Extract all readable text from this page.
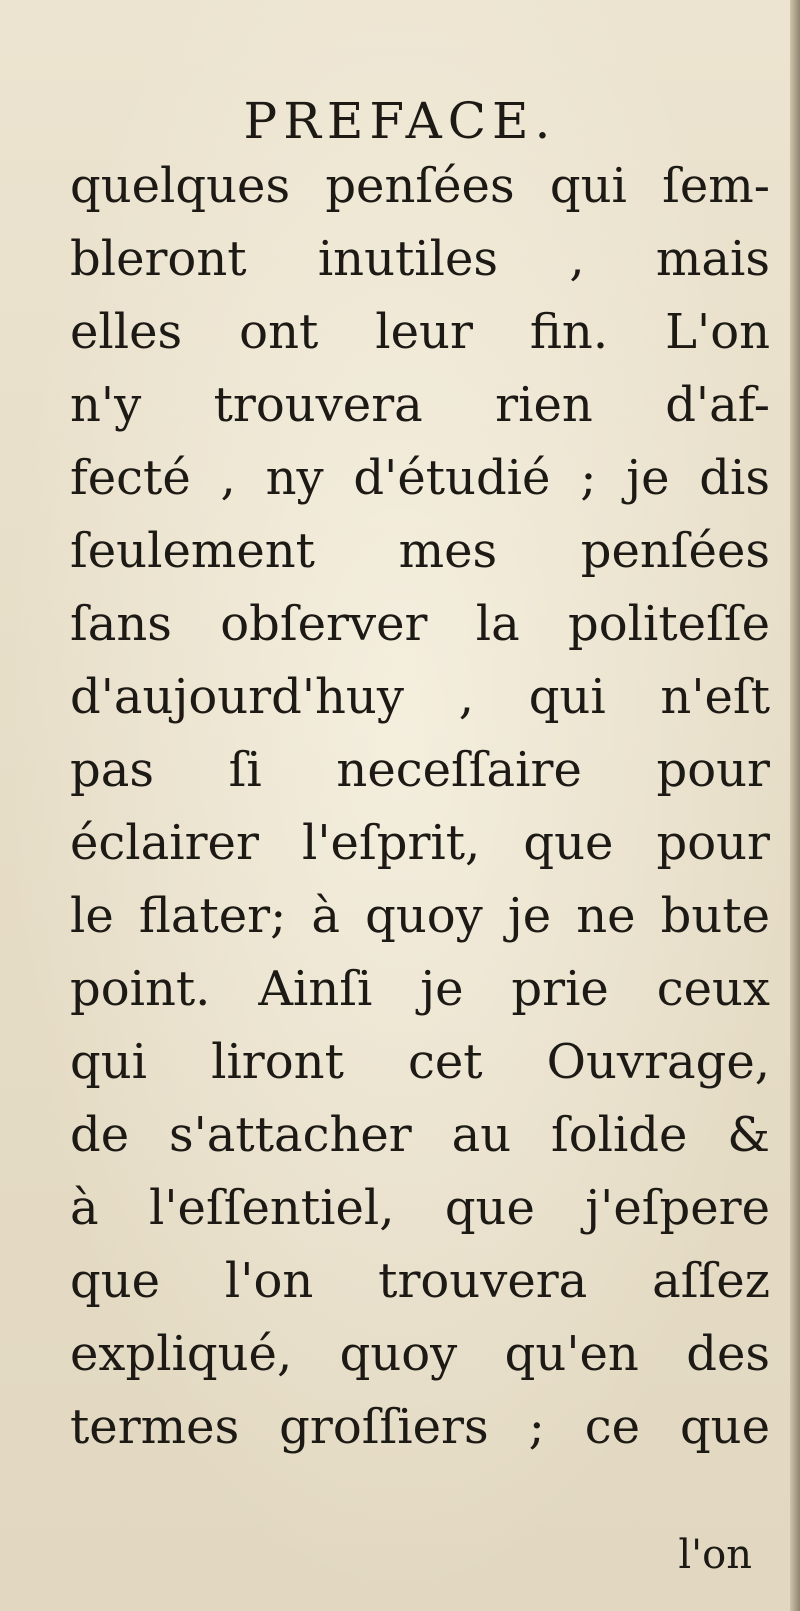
PREFACE.
quelques penſées qui ſem-
bleront inutiles , mais
elles ont leur fin. L'on
n'y trouvera rien d'af-
fecté , ny d'étudié ; je dis
ſeulement mes penſées
ſans obſerver la politeſſe
d'aujourd'huy , qui n'eſt
pas ſi neceſſaire pour
éclairer l'eſprit, que pour
le flater; à quoy je ne bute
point. Ainſi je prie ceux
qui liront cet Ouvrage,
de s'attacher au ſolide &
à l'eſſentiel, que j'eſpere
que l'on trouvera aſſez
expliqué, quoy qu'en des
termes groſſiers ; ce que
l'on
